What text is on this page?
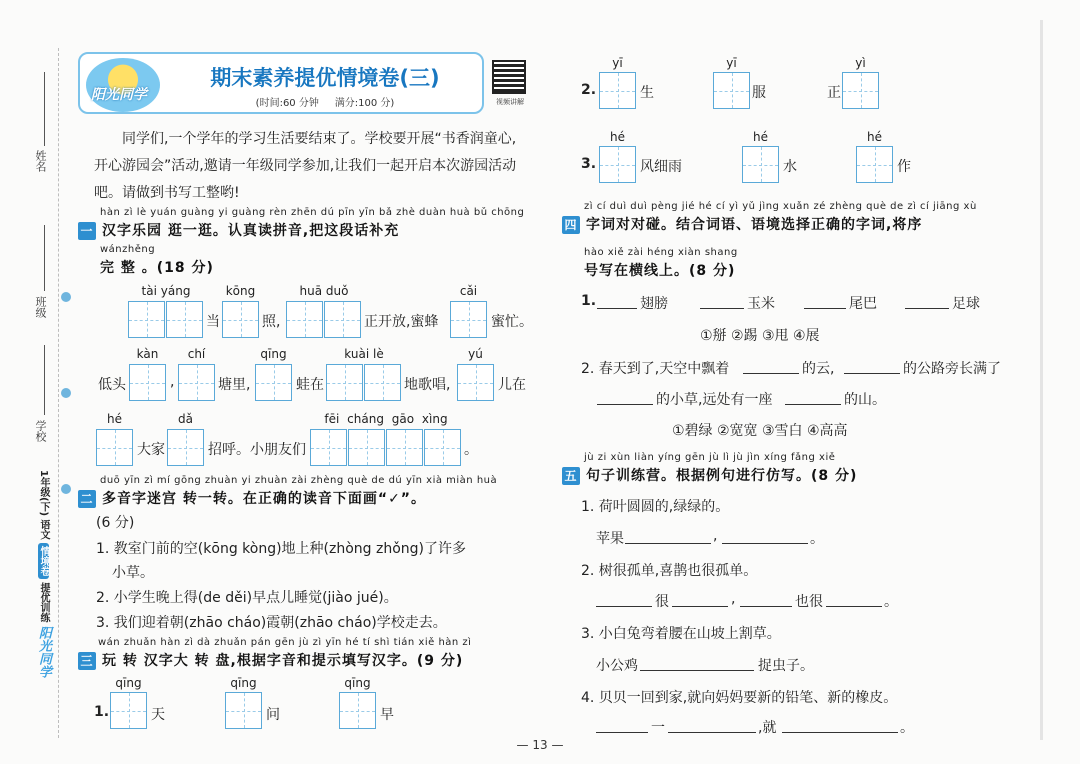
姓名
班级
学校
1年级(下) 语文 情境卷 提优训练 阳光同学
阳光同学
期末素养提优情境卷(三)
(时间:60 分钟 满分:100 分)	视频讲解
同学们,一个学年的学习生活要结束了。学校要开展“书香润童心,开心游园会”活动,邀请一年级同学参加,让我们一起开启本次游园活动吧。请做到书写工整哟!
hàn zì lè yuán guàng yi guàng rèn zhēn dú pīn yīn bǎ zhè duàn huà bǔ chōng
一 汉字乐园 逛一逛。认真读拼音,把这段话补充
wánzhěng
完 整 。(18 分)
tài yáng
当
kōng
照,
huā duǒ
正开放,蜜蜂
cǎi
蜜忙。
低头
kàn
,
chí
塘里,
qīng
蛙在
kuài lè
地歌唱,
yú
儿在
hé
大家
dǎ
招呼。小朋友们
fēi cháng gāo xìng
。
duō yīn zì mí gōng zhuàn yi zhuàn zài zhèng què de dú yīn xià miàn huà
二 多音字迷宫 转一转。在正确的读音下面画“✓”。
(6 分)
1. 教室门前的空(kōng kòng)地上种(zhòng zhǒng)了许多
小草。
2. 小学生晚上得(de děi)早点儿睡觉(jiào jué)。
3. 我们迎着朝(zhāo cháo)霞朝(zhāo cháo)学校走去。
wán zhuǎn hàn zì dà zhuǎn pán gēn jù zì yīn hé tí shì tián xiě hàn zì
三 玩 转 汉字大 转 盘,根据字音和提示填写汉字。(9 分)
1.
qīng
天
qīng
问
qīng
早
2.
yī
生
yī
服	正
yì
3.
hé
风细雨
hé
水
hé
作
zì cí duì duì pèng jié hé cí yì yǔ jìng xuǎn zé zhèng què de zì cí jiāng xù
四 字词对对碰。结合词语、语境选择正确的字词,将序
hào xiě zài héng xiàn shang
号写在横线上。(8 分)
1.	翅膀	玉米	尾巴	足球
①掰 ②踢 ③甩 ④展
2. 春天到了,天空中飘着	的云,	的公路旁长满了
的小草,远处有一座	的山。
①碧绿 ②宽宽 ③雪白 ④高高
jù zi xùn liàn yíng gēn jù lì jù jìn xíng fǎng xiě
五 句子训练营。根据例句进行仿写。(8 分)
1. 荷叶圆圆的,绿绿的。
苹果	,	。
2. 树很孤单,喜鹊也很孤单。
很	,	也很	。
3. 小白兔弯着腰在山坡上割草。
小公鸡	捉虫子。
4. 贝贝一回到家,就向妈妈要新的铅笔、新的橡皮。
一	,就	。
— 13 —
